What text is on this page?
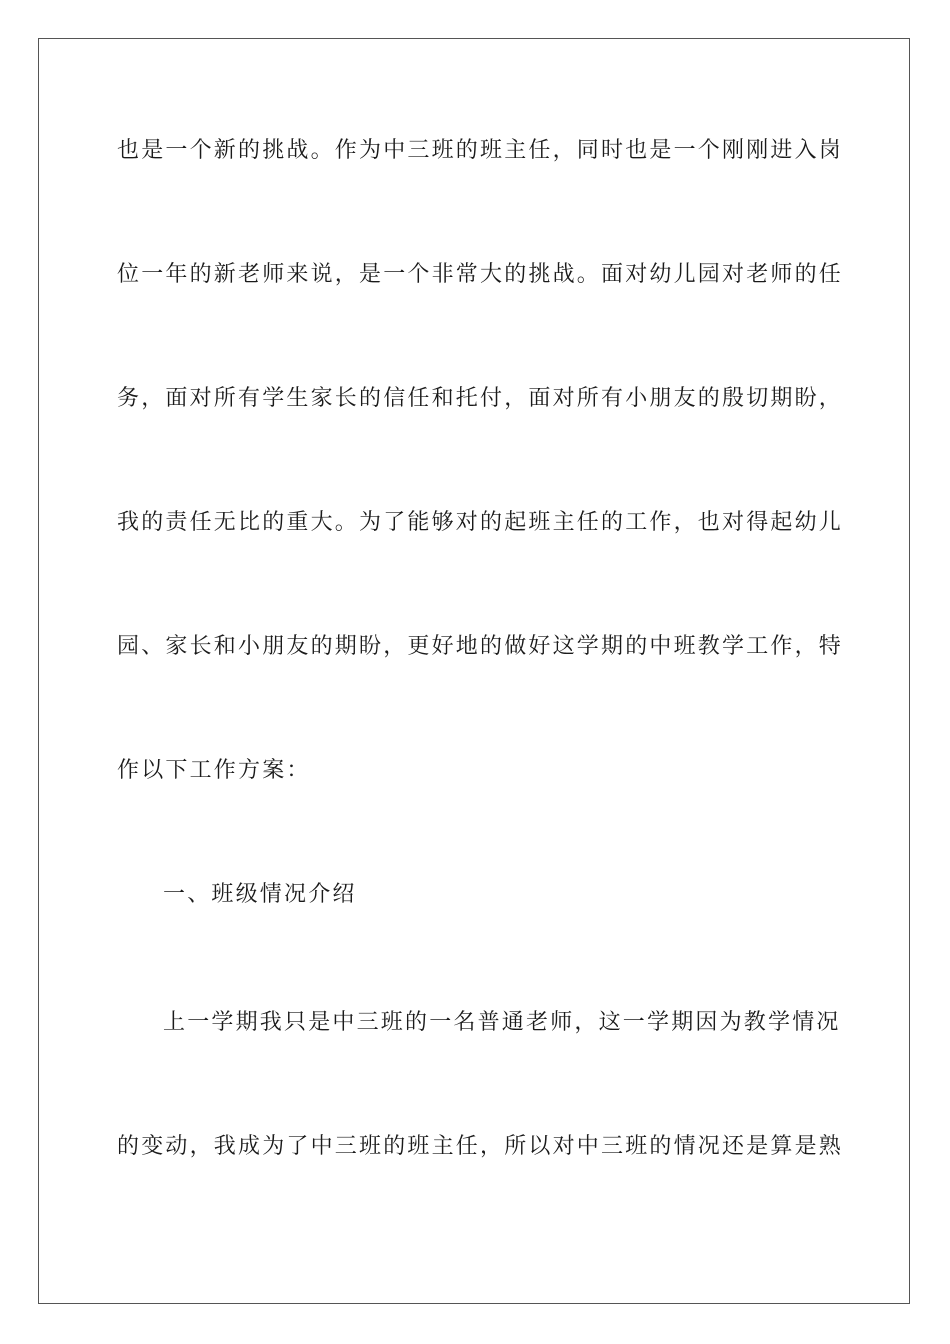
也是一个新的挑战。作为中三班的班主任，同时也是一个刚刚进入岗
位一年的新老师来说，是一个非常大的挑战。面对幼儿园对老师的任
务，面对所有学生家长的信任和托付，面对所有小朋友的殷切期盼，
我的责任无比的重大。为了能够对的起班主任的工作，也对得起幼儿
园、家长和小朋友的期盼，更好地的做好这学期的中班教学工作，特
作以下工作方案：
一、班级情况介绍
上一学期我只是中三班的一名普通老师，这一学期因为教学情况
的变动，我成为了中三班的班主任，所以对中三班的情况还是算是熟
